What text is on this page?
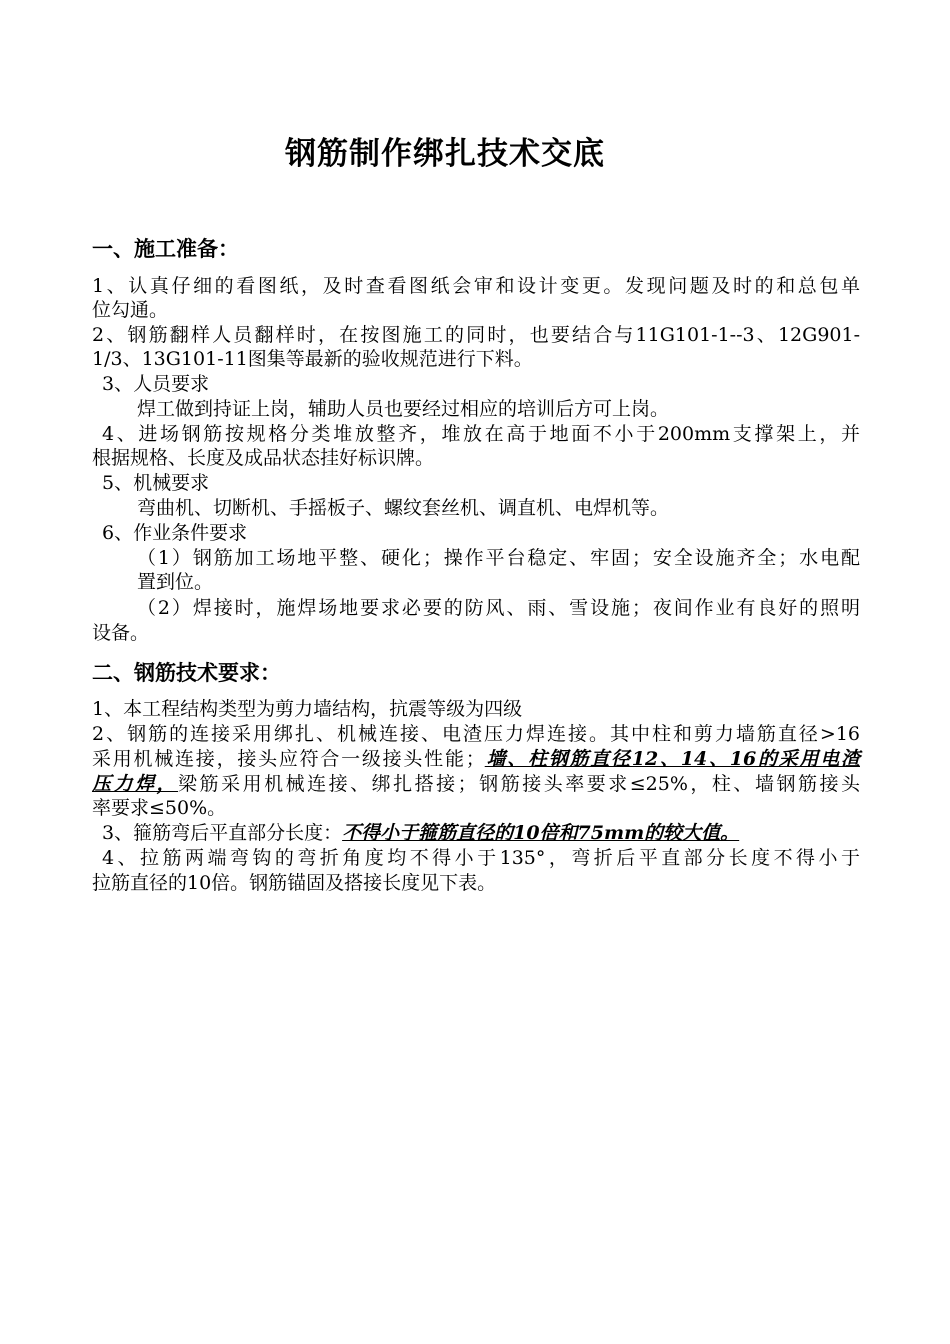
钢筋制作绑扎技术交底
一、施工准备：
1、认真仔细的看图纸，及时查看图纸会审和设计变更。发现问题及时的和总包单
位勾通。
2、钢筋翻样人员翻样时，在按图施工的同时，也要结合与11G101-1--3、12G901-
1/3、13G101-11图集等最新的验收规范进行下料。
3、人员要求
焊工做到持证上岗，辅助人员也要经过相应的培训后方可上岗。
4、进场钢筋按规格分类堆放整齐，堆放在高于地面不小于200mm支撑架上，并
根据规格、长度及成品状态挂好标识牌。
5、机械要求
弯曲机、切断机、手摇板子、螺纹套丝机、调直机、电焊机等。
6、作业条件要求
（1）钢筋加工场地平整、硬化；操作平台稳定、牢固；安全设施齐全；水电配
置到位。
（2）焊接时，施焊场地要求必要的防风、雨、雪设施；夜间作业有良好的照明
设备。
二、钢筋技术要求：
1、本工程结构类型为剪力墙结构，抗震等级为四级
2、钢筋的连接采用绑扎、机械连接、电渣压力焊连接。其中柱和剪力墙筋直径>16
采用机械连接，接头应符合一级接头性能；墙、柱钢筋直径12、14、16的采用电渣
压力焊，梁筋采用机械连接、绑扎搭接；钢筋接头率要求≤25%，柱、墙钢筋接头
率要求≤50%。
3、箍筋弯后平直部分长度：不得小于箍筋直径的10倍和75mm的较大值。
4、拉筋两端弯钩的弯折角度均不得小于135°，弯折后平直部分长度不得小于
拉筋直径的10倍。钢筋锚固及搭接长度见下表。
